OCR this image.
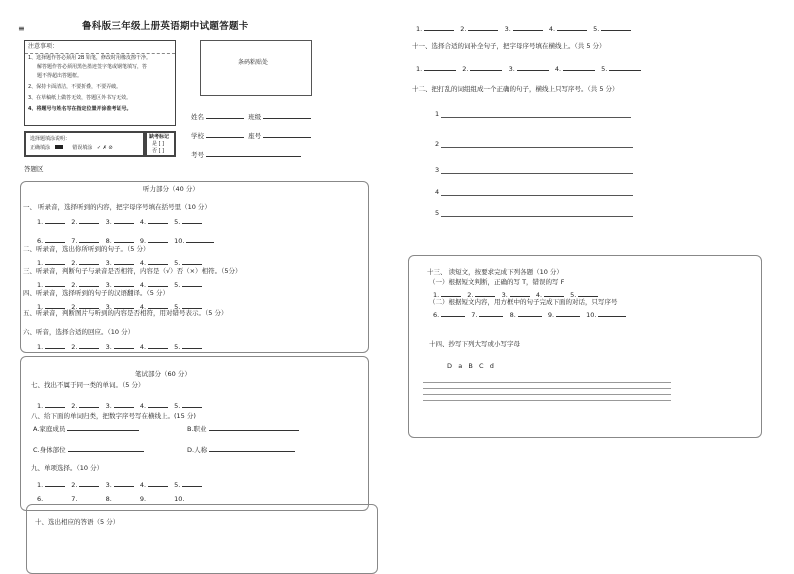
≡	鲁科版三年级上册英语期中试题答题卡
注意事项：
1、选择题作答必须用 2B 铅笔，修改时用橡皮擦干净。
解答题作答必须用黑色墨迹签字笔或钢笔填写，答
题不得超出答题框。
2、保持卡面清洁，不要折叠，不要弄破。
3、在草稿纸上做答无效，答题区外书写无效。
4、将题号与姓名写在指定位置并涂准考证号。
选择题填涂说明：
正确填涂	错误填涂 ✓ ✗ ⊘
缺考标记
是 [ ]
否 [ ]
条码粘贴处
姓名	班级
学校	座号
考号
答题区
听力部分（40 分）
一、 听录音，选择听到的内容，把字母序号填在括号里（10 分）
1.	2.	3.	4.	5.
6.	7.	8.	9.	10.
二、听录音，选出你所听到的句子。（5 分）
1.	2.	3.	4.	5.
三、听录音，判断句子与录音是否相符，内容是（√）否（×）相符。（5分）
1.	2.	3.	4.	5.
四、听录音，选择听到的句子的汉语翻译。（5 分）
1.	2.	3.	4.	5.
五、听录音，判断图片与听到的内容是否相符，用对错号表示。（5 分）
六、听音，选择合适的回应。（10 分）
1.	2.	3.	4.	5.
笔试部分（60 分）
七、找出不属于同一类的单词。（5 分）
1.	2.	3.	4.	5.
八、给下面的单词归类，把数字序号写在横线上。(15 分)
A.家庭成员	B.职业
C.身体部位	D.人称
九、单项选择。（10 分）
1.	2.	3.	4.	5.
6.	7.	8.	9.	10.
十、选出相应的答语（5 分）
1.	2.	3.	4.	5.
十一、选择合适的词补全句子，把字母序号填在横线上。（共 5 分）
1.	2.	3.	4.	5.
十二、把打乱的词组组成一个正确的句子，横线上只写序号。（共 5 分）
1
2
3
4
5
十三、 读短文，按要求完成下列各题（10 分）
（一）根据短文判断，正确的写 T，错误的写 F
1.	2.	3.	4.	5.
（二）根据短文内容，用方框中的句子完成下面的对话，只写序号
6.	7.	8.	9.	10.
十四、抄写下列大写或小写字母
D   a   B   C   d
